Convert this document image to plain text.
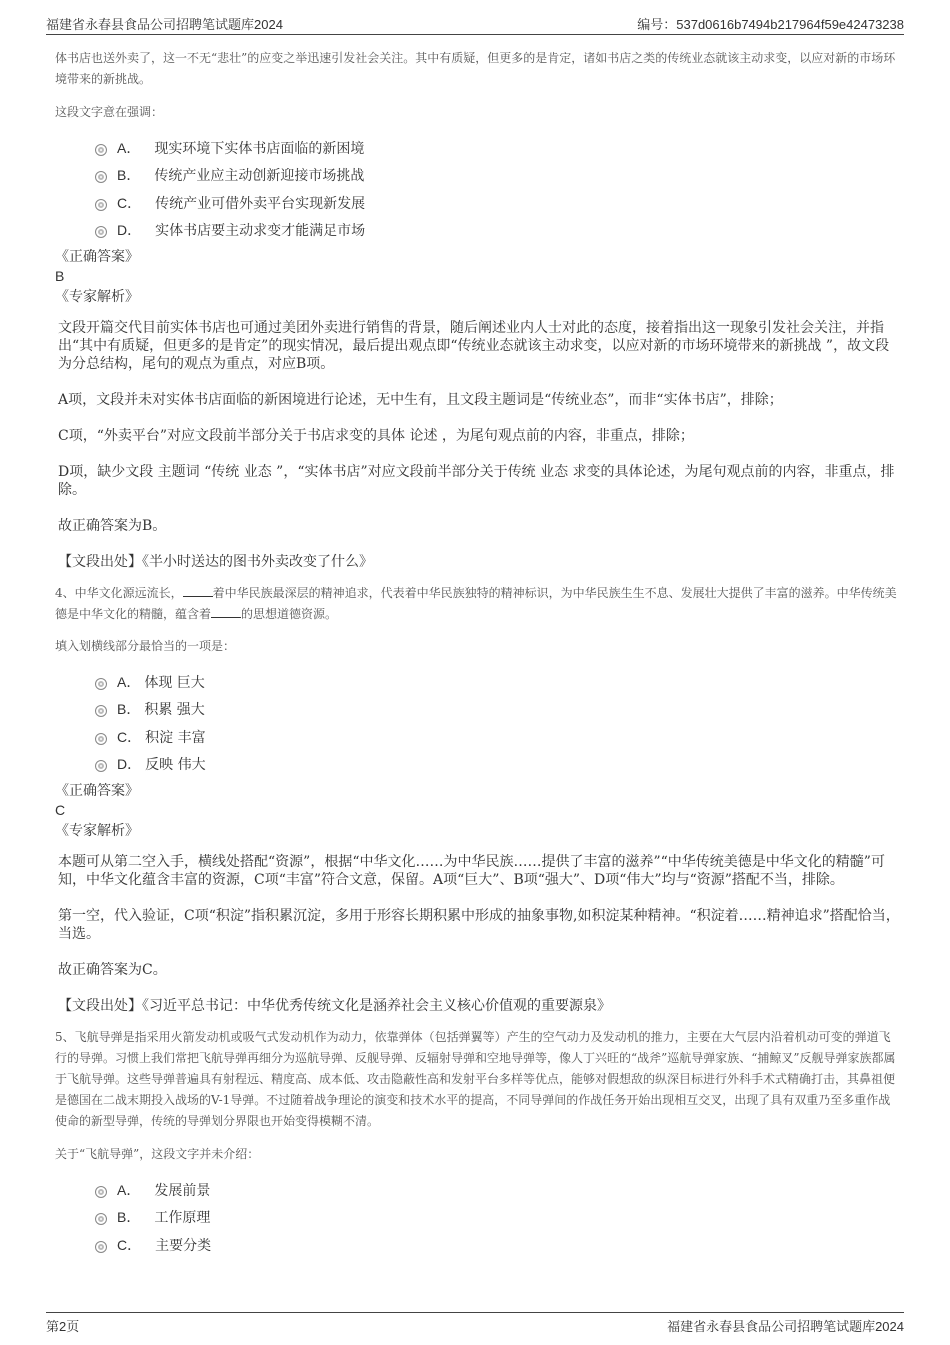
福建省永春县食品公司招聘笔试题库2024	编号：537d0616b7494b217964f59e42473238

体书店也送外卖了，这一不无“悲壮”的应变之举迅速引发社会关注。其中有质疑，但更多的是肯定，诸如书店之类的传统业态就该主动求变，以应对新的市场环境带来的新挑战。

这段文字意在强调：

A． 现实环境下实体书店面临的新困境
B． 传统产业应主动创新迎接市场挑战
C． 传统产业可借外卖平台实现新发展
D． 实体书店要主动求变才能满足市场

《正确答案》

B

《专家解析》

文段开篇交代目前实体书店也可通过美团外卖进行销售的背景，随后阐述业内人士对此的态度，接着指出这一现象引发社会关注，并指出“其中有质疑，但更多的是肯定”的现实情况，最后提出观点即“传统业态就该主动求变，以应对新的市场环境带来的新挑战 ”，故文段为分总结构，尾句的观点为重点，对应B项。

A项，文段并未对实体书店面临的新困境进行论述，无中生有，且文段主题词是“传统业态”，而非“实体书店”，排除；

C项，“外卖平台”对应文段前半部分关于书店求变的具体 论述 ，为尾句观点前的内容，非重点，排除；

D项，缺少文段 主题词 “传统 业态 ”，“实体书店”对应文段前半部分关于传统 业态 求变的具体论述，为尾句观点前的内容，非重点，排除。

故正确答案为B。

【文段出处】《半小时送达的图书外卖改变了什么》

4、中华文化源远流长，	着中华民族最深层的精神追求，代表着中华民族独特的精神标识，为中华民族生生不息、发展壮大提供了丰富的滋养。中华传统美德是中华文化的精髓，蕴含着	的思想道德资源。

填入划横线部分最恰当的一项是：

A． 体现 巨大
B． 积累 强大
C． 积淀 丰富
D． 反映 伟大

《正确答案》

C

《专家解析》

本题可从第二空入手，横线处搭配“资源”，根据“中华文化……为中华民族……提供了丰富的滋养”“中华传统美德是中华文化的精髓”可知，中华文化蕴含丰富的资源，C项“丰富”符合文意，保留。A项“巨大”、B项“强大”、D项“伟大”均与“资源”搭配不当，排除。

第一空，代入验证，C项“积淀”指积累沉淀，多用于形容长期积累中形成的抽象事物,如积淀某种精神。“积淀着……精神追求”搭配恰当，当选。

故正确答案为C。

【文段出处】《习近平总书记：中华优秀传统文化是涵养社会主义核心价值观的重要源泉》

5、飞航导弹是指采用火箭发动机或吸气式发动机作为动力，依靠弹体（包括弹翼等）产生的空气动力及发动机的推力，主要在大气层内沿着机动可变的弹道飞行的导弹。习惯上我们常把飞航导弹再细分为巡航导弹、反舰导弹、反辐射导弹和空地导弹等，像人丁兴旺的“战斧”巡航导弹家族、“捕鲸叉”反舰导弹家族都属于飞航导弹。这些导弹普遍具有射程远、精度高、成本低、攻击隐蔽性高和发射平台多样等优点，能够对假想敌的纵深目标进行外科手术式精确打击，其鼻祖便是德国在二战末期投入战场的V-1导弹。不过随着战争理论的演变和技术水平的提高，不同导弹间的作战任务开始出现相互交叉，出现了具有双重乃至多重作战使命的新型导弹，传统的导弹划分界限也开始变得模糊不清。

关于“飞航导弹”，这段文字并未介绍：

A． 发展前景
B． 工作原理
C． 主要分类
第2页	福建省永春县食品公司招聘笔试题库2024
